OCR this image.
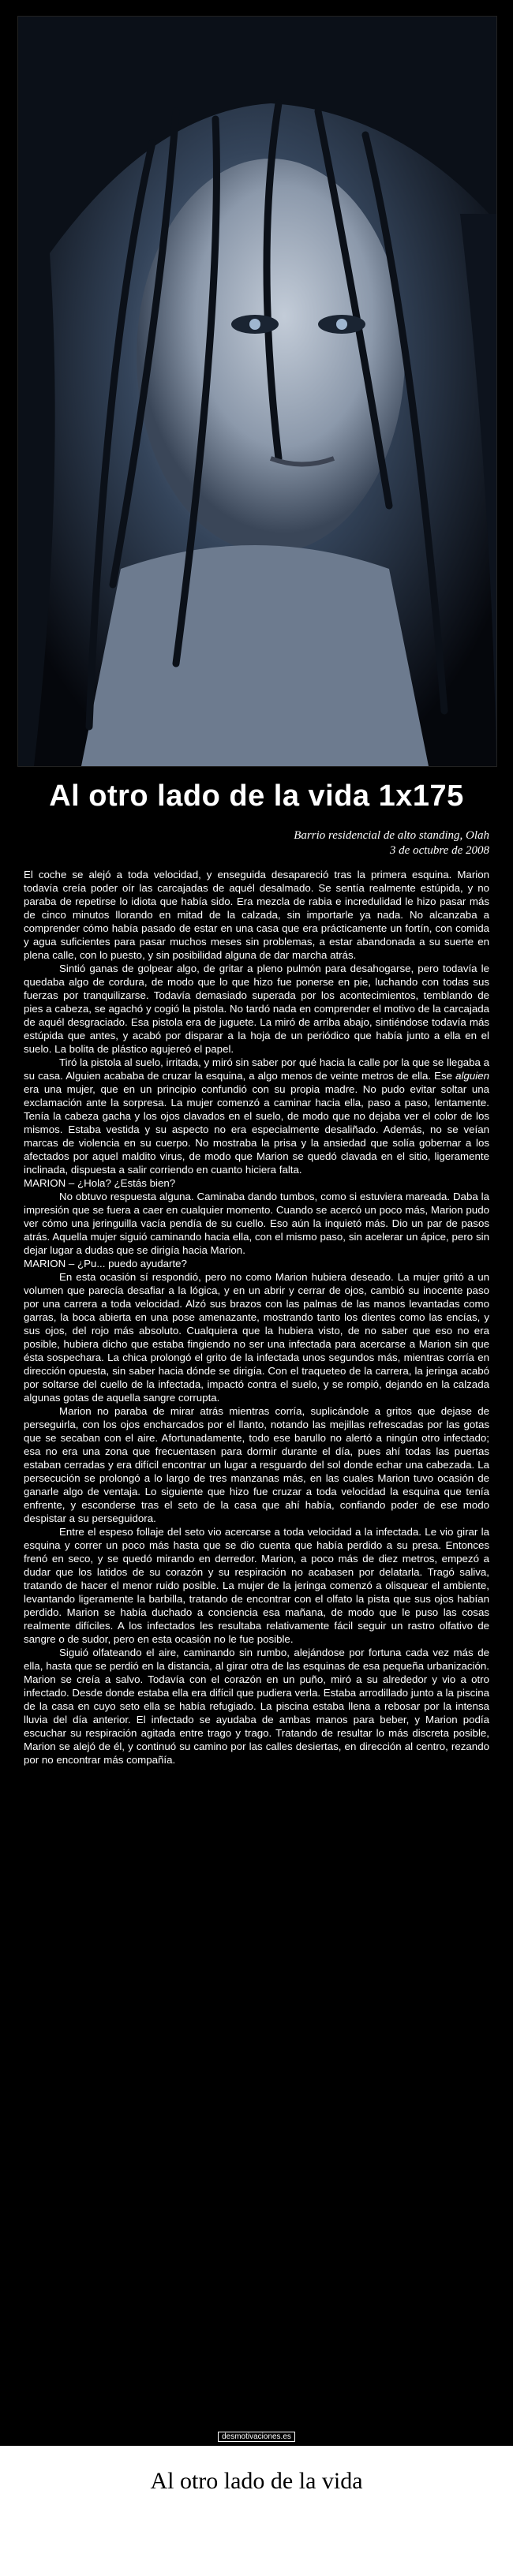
Al otro lado de la vida 1x175
Barrio residencial de alto standing, Olah
3 de octubre de 2008

El coche se alejó a toda velocidad, y enseguida desapareció tras la primera esquina. Marion todavía creía poder oír las carcajadas de aquél desalmado. Se sentía realmente estúpida, y no paraba de repetirse lo idiota que había sido. Era mezcla de rabia e incredulidad le hizo pasar más de cinco minutos llorando en mitad de la calzada, sin importarle ya nada. No alcanzaba a comprender cómo había pasado de estar en una casa que era prácticamente un fortín, con comida y agua suficientes para pasar muchos meses sin problemas, a estar abandonada a su suerte en plena calle, con lo puesto, y sin posibilidad alguna de dar marcha atrás.

Sintió ganas de golpear algo, de gritar a pleno pulmón para desahogarse, pero todavía le quedaba algo de cordura, de modo que lo que hizo fue ponerse en pie, luchando con todas sus fuerzas por tranquilizarse. Todavía demasiado superada por los acontecimientos, temblando de pies a cabeza, se agachó y cogió la pistola. No tardó nada en comprender el motivo de la carcajada de aquél desgraciado. Esa pistola era de juguete. La miró de arriba abajo, sintiéndose todavía más estúpida que antes, y acabó por disparar a la hoja de un periódico que había junto a ella en el suelo. La bolita de plástico agujereó el papel.

Tiró la pistola al suelo, irritada, y miró sin saber por qué hacia la calle por la que se llegaba a su casa. Alguien acababa de cruzar la esquina, a algo menos de veinte metros de ella. Ese alguien era una mujer, que en un principio confundió con su propia madre. No pudo evitar soltar una exclamación ante la sorpresa. La mujer comenzó a caminar hacia ella, paso a paso, lentamente. Tenía la cabeza gacha y los ojos clavados en el suelo, de modo que no dejaba ver el color de los mismos. Estaba vestida y su aspecto no era especialmente desaliñado. Además, no se veían marcas de violencia en su cuerpo. No mostraba la prisa y la ansiedad que solía gobernar a los afectados por aquel maldito virus, de modo que Marion se quedó clavada en el sitio, ligeramente inclinada, dispuesta a salir corriendo en cuanto hiciera falta.

MARION – ¿Hola? ¿Estás bien?

No obtuvo respuesta alguna. Caminaba dando tumbos, como si estuviera mareada. Daba la impresión que se fuera a caer en cualquier momento. Cuando se acercó un poco más, Marion pudo ver cómo una jeringuilla vacía pendía de su cuello. Eso aún la inquietó más. Dio un par de pasos atrás. Aquella mujer siguió caminando hacia ella, con el mismo paso, sin acelerar un ápice, pero sin dejar lugar a dudas que se dirigía hacia Marion.

MARION – ¿Pu... puedo ayudarte?

En esta ocasión sí respondió, pero no como Marion hubiera deseado. La mujer gritó a un volumen que parecía desafiar a la lógica, y en un abrir y cerrar de ojos, cambió su inocente paso por una carrera a toda velocidad. Alzó sus brazos con las palmas de las manos levantadas como garras, la boca abierta en una pose amenazante, mostrando tanto los dientes como las encías, y sus ojos, del rojo más absoluto. Cualquiera que la hubiera visto, de no saber que eso no era posible, hubiera dicho que estaba fingiendo no ser una infectada para acercarse a Marion sin que ésta sospechara. La chica prolongó el grito de la infectada unos segundos más, mientras corría en dirección opuesta, sin saber hacia dónde se dirigía. Con el traqueteo de la carrera, la jeringa acabó por soltarse del cuello de la infectada, impactó contra el suelo, y se rompió, dejando en la calzada algunas gotas de aquella sangre corrupta.

Marion no paraba de mirar atrás mientras corría, suplicándole a gritos que dejase de perseguirla, con los ojos encharcados por el llanto, notando las mejillas refrescadas por las gotas que se secaban con el aire. Afortunadamente, todo ese barullo no alertó a ningún otro infectado; esa no era una zona que frecuentasen para dormir durante el día, pues ahí todas las puertas estaban cerradas y era difícil encontrar un lugar a resguardo del sol donde echar una cabezada. La persecución se prolongó a lo largo de tres manzanas más, en las cuales Marion tuvo ocasión de ganarle algo de ventaja. Lo siguiente que hizo fue cruzar a toda velocidad la esquina que tenía enfrente, y esconderse tras el seto de la casa que ahí había, confiando poder de ese modo despistar a su perseguidora.

Entre el espeso follaje del seto vio acercarse a toda velocidad a la infectada. Le vio girar la esquina y correr un poco más hasta que se dio cuenta que había perdido a su presa. Entonces frenó en seco, y se quedó mirando en derredor. Marion, a poco más de diez metros, empezó a dudar que los latidos de su corazón y su respiración no acabasen por delatarla. Tragó saliva, tratando de hacer el menor ruido posible. La mujer de la jeringa comenzó a olisquear el ambiente, levantando ligeramente la barbilla, tratando de encontrar con el olfato la pista que sus ojos habían perdido. Marion se había duchado a conciencia esa mañana, de modo que le puso las cosas realmente difíciles. A los infectados les resultaba relativamente fácil seguir un rastro olfativo de sangre o de sudor, pero en esta ocasión no le fue posible.

Siguió olfateando el aire, caminando sin rumbo, alejándose por fortuna cada vez más de ella, hasta que se perdió en la distancia, al girar otra de las esquinas de esa pequeña urbanización. Marion se creía a salvo. Todavía con el corazón en un puño, miró a su alrededor y vio a otro infectado. Desde donde estaba ella era difícil que pudiera verla. Estaba arrodillado junto a la piscina de la casa en cuyo seto ella se había refugiado. La piscina estaba llena a rebosar por la intensa lluvia del día anterior. El infectado se ayudaba de ambas manos para beber, y Marion podía escuchar su respiración agitada entre trago y trago. Tratando de resultar lo más discreta posible, Marion se alejó de él, y continuó su camino por las calles desiertas, en dirección al centro, rezando por no encontrar más compañía.

desmotivaciones.es
Al otro lado de la vida
